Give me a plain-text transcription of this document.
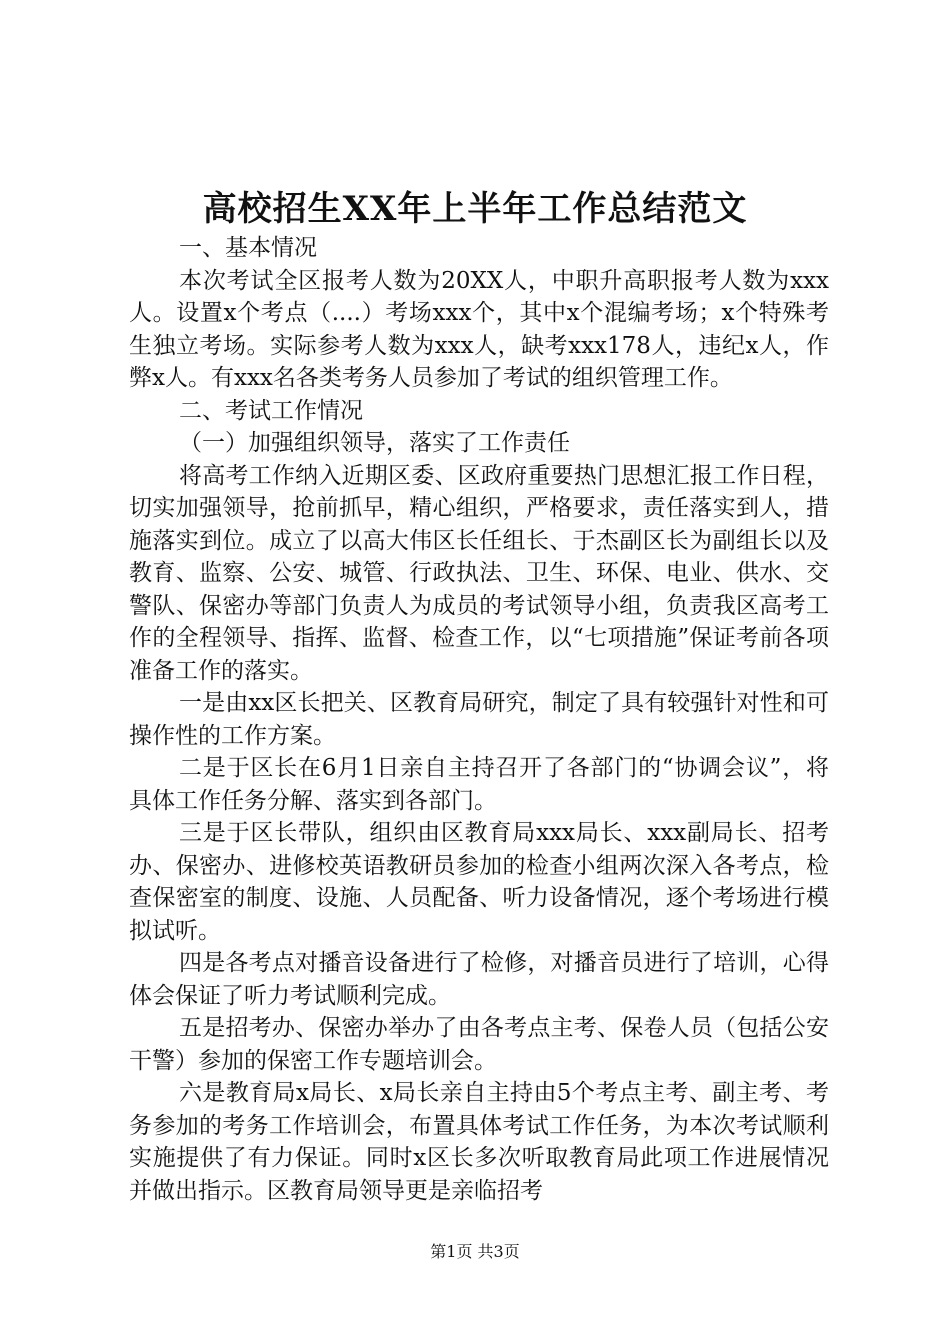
高校招生XX年上半年工作总结范文

一、基本情况

本次考试全区报考人数为20XX人，中职升高职报考人数为xxx人。设置x个考点（....）考场xxx个，其中x个混编考场；x个特殊考生独立考场。实际参考人数为xxx人，缺考xxx178人，违纪x人，作弊x人。有xxx名各类考务人员参加了考试的组织管理工作。

二、考试工作情况

（一）加强组织领导，落实了工作责任

将高考工作纳入近期区委、区政府重要热门思想汇报工作日程，切实加强领导，抢前抓早，精心组织，严格要求，责任落实到人，措施落实到位。成立了以高大伟区长任组长、于杰副区长为副组长以及教育、监察、公安、城管、行政执法、卫生、环保、电业、供水、交警队、保密办等部门负责人为成员的考试领导小组，负责我区高考工作的全程领导、指挥、监督、检查工作，以“七项措施”保证考前各项准备工作的落实。

一是由xx区长把关、区教育局研究，制定了具有较强针对性和可操作性的工作方案。

二是于区长在6月1日亲自主持召开了各部门的“协调会议”，将具体工作任务分解、落实到各部门。

三是于区长带队，组织由区教育局xxx局长、xxx副局长、招考办、保密办、进修校英语教研员参加的检查小组两次深入各考点，检查保密室的制度、设施、人员配备、听力设备情况，逐个考场进行模拟试听。

四是各考点对播音设备进行了检修，对播音员进行了培训，心得体会保证了听力考试顺利完成。

五是招考办、保密办举办了由各考点主考、保卷人员（包括公安干警）参加的保密工作专题培训会。

六是教育局x局长、x局长亲自主持由5个考点主考、副主考、考务参加的考务工作培训会，布置具体考试工作任务，为本次考试顺利实施提供了有力保证。同时x区长多次听取教育局此项工作进展情况并做出指示。区教育局领导更是亲临招考

第1页 共3页
